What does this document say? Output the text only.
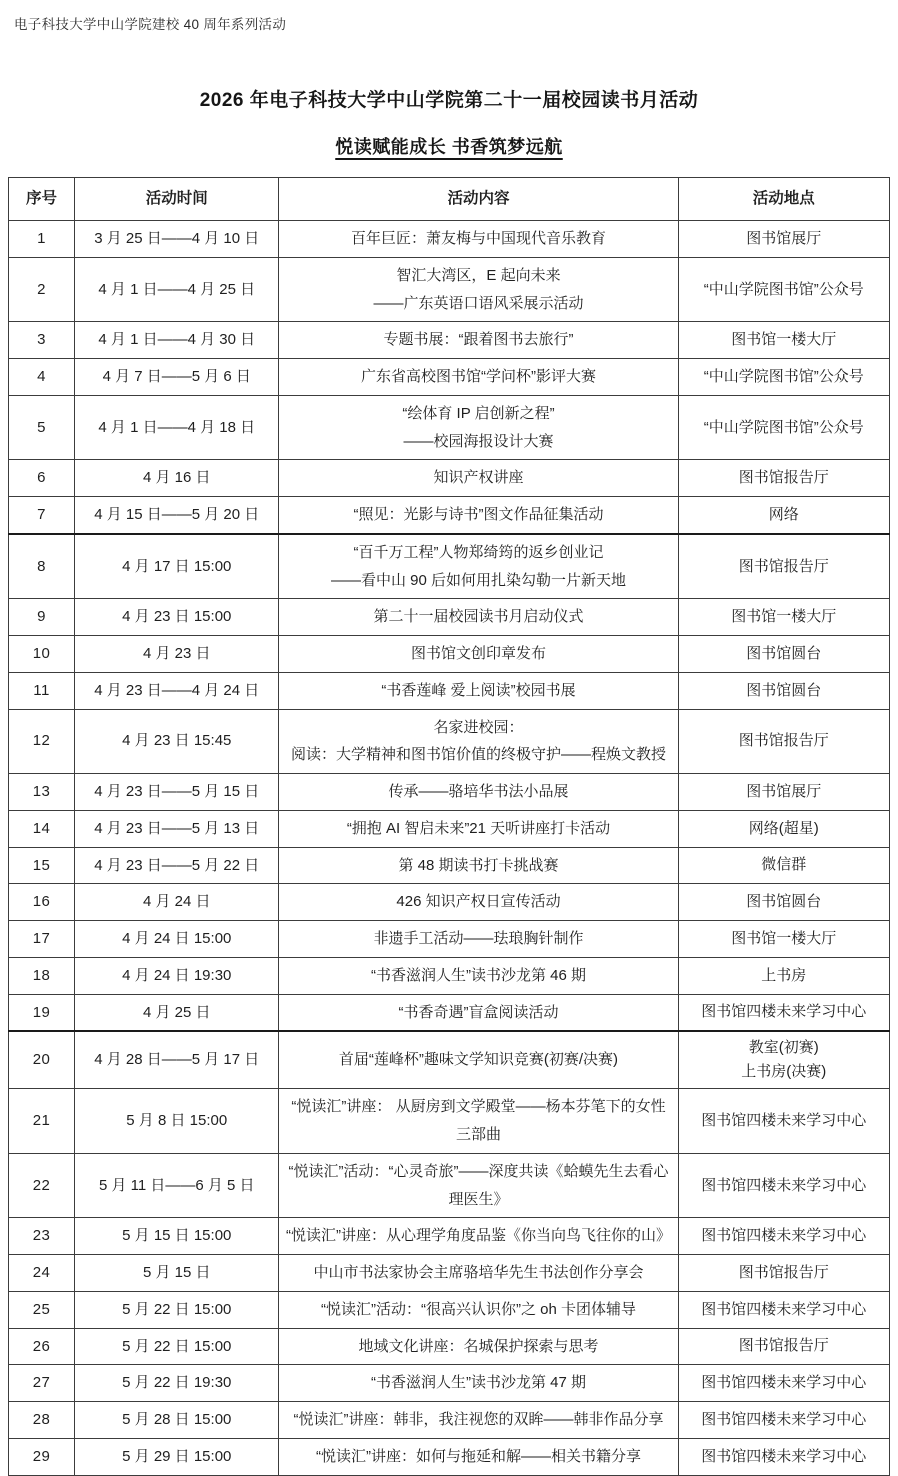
电子科技大学中山学院建校 40 周年系列活动
2026 年电子科技大学中山学院第二十一届校园读书月活动
悦读赋能成长 书香筑梦远航
序号	活动时间	活动内容	活动地点
1	3 月 25 日——4 月 10 日	百年巨匠：萧友梅与中国现代音乐教育	图书馆展厅

2	4 月 1 日——4 月 25 日	智汇大湾区，E 起向未来
——广东英语口语风采展示活动	“中山学院图书馆”公众号

3	4 月 1 日——4 月 30 日	专题书展：“跟着图书去旅行”	图书馆一楼大厅

4	4 月 7 日——5 月 6 日	广东省高校图书馆“学问杯”影评大赛	“中山学院图书馆”公众号

5	4 月 1 日——4 月 18 日	“绘体育 IP 启创新之程”
——校园海报设计大赛	“中山学院图书馆”公众号

6	4 月 16 日	知识产权讲座	图书馆报告厅

7	4 月 15 日——5 月 20 日	“照见：光影与诗书”图文作品征集活动	网络

8	4 月 17 日 15:00	“百千万工程”人物郑绮筠的返乡创业记
——看中山 90 后如何用扎染勾勒一片新天地	图书馆报告厅

9	4 月 23 日 15:00	第二十一届校园读书月启动仪式	图书馆一楼大厅

10	4 月 23 日	图书馆文创印章发布	图书馆圆台

11	4 月 23 日——4 月 24 日	“书香莲峰 爱上阅读”校园书展	图书馆圆台

12	4 月 23 日 15:45	名家进校园：
阅读：大学精神和图书馆价值的终极守护——程焕文教授	图书馆报告厅

13	4 月 23 日——5 月 15 日	传承——骆培华书法小品展	图书馆展厅

14	4 月 23 日——5 月 13 日	“拥抱 AI 智启未来”21 天听讲座打卡活动	网络(超星)

15	4 月 23 日——5 月 22 日	第 48 期读书打卡挑战赛	微信群

16	4 月 24 日	426 知识产权日宣传活动	图书馆圆台

17	4 月 24 日 15:00	非遗手工活动——珐琅胸针制作	图书馆一楼大厅

18	4 月 24 日 19:30	“书香滋润人生”读书沙龙第 46 期	上书房

19	4 月 25 日	“书香奇遇”盲盒阅读活动	图书馆四楼未来学习中心

20	4 月 28 日——5 月 17 日	首届“莲峰杯”趣味文学知识竞赛(初赛/决赛)	教室(初赛)
上书房(决赛)

21	5 月 8 日 15:00	“悦读汇”讲座： 从厨房到文学殿堂——杨本芬笔下的女性三部曲	图书馆四楼未来学习中心

22	5 月 11 日——6 月 5 日	“悦读汇”活动：“心灵奇旅”——深度共读《蛤蟆先生去看心理医生》	图书馆四楼未来学习中心

23	5 月 15 日 15:00	“悦读汇”讲座：从心理学角度品鉴《你当向鸟飞往你的山》	图书馆四楼未来学习中心

24	5 月 15 日	中山市书法家协会主席骆培华先生书法创作分享会	图书馆报告厅

25	5 月 22 日 15:00	“悦读汇”活动：“很高兴认识你”之 oh 卡团体辅导	图书馆四楼未来学习中心

26	5 月 22 日 15:00	地域文化讲座：名城保护探索与思考	图书馆报告厅

27	5 月 22 日 19:30	“书香滋润人生”读书沙龙第 47 期	图书馆四楼未来学习中心

28	5 月 28 日 15:00	“悦读汇”讲座：韩非，我注视您的双眸——韩非作品分享	图书馆四楼未来学习中心

29	5 月 29 日 15:00	“悦读汇”讲座：如何与拖延和解——相关书籍分享	图书馆四楼未来学习中心
